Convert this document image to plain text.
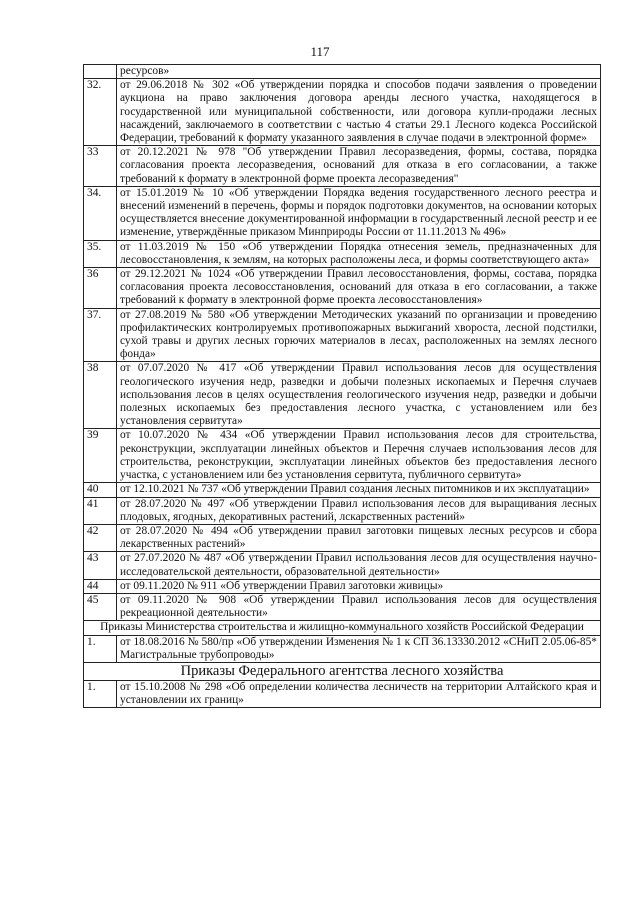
117
	ресурсов»
32.	от 29.06.2018 № 302 «Об утверждении порядка и способов подачи заявления о проведении аукциона на право заключения договора аренды лесного участка, находящегося в государственной или муниципальной собственности, или договора купли-продажи лесных насаждений, заключаемого в соответствии с частью 4 статьи 29.1 Лесного кодекса Российской Федерации, требований к формату указанного заявления в случае подачи в электронной форме»
33	от 20.12.2021 № 978 "Об утверждении Правил лесоразведения, формы, состава, порядка согласования проекта лесоразведения, оснований для отказа в его согласовании, а также требований к формату в электронной форме проекта лесоразведения"
34.	от 15.01.2019 № 10 «Об утверждении Порядка ведения государственного лесного реестра и внесений изменений в перечень, формы и порядок подготовки документов, на основании которых осуществляется внесение документированной информации в государственный лесной реестр и ее изменение, утверждённые приказом Минприроды России от 11.11.2013 № 496»
35.	от 11.03.2019 № 150 «Об утверждении Порядка отнесения земель, предназначенных для лесовосстановления, к землям, на которых расположены леса, и формы соответствующего акта»
36	от 29.12.2021 № 1024 «Об утверждении Правил лесовосстановления, формы, состава, порядка согласования проекта лесовосстановления, оснований для отказа в его согласовании, а также требований к формату в электронной форме проекта лесовосстановления»
37.	от 27.08.2019 № 580 «Об утверждении Методических указаний по организации и проведению профилактических контролируемых противопожарных выжиганий хвороста, лесной подстилки, сухой травы и других лесных горючих материалов в лесах, расположенных на землях лесного фонда»
38	от 07.07.2020 № 417 «Об утверждении Правил использования лесов для осуществления геологического изучения недр, разведки и добычи полезных ископаемых и Перечня случаев использования лесов в целях осуществления геологического изучения недр, разведки и добычи полезных ископаемых без предоставления лесного участка, с установлением или без установления сервитута»
39	от 10.07.2020 № 434 «Об утверждении Правил использования лесов для строительства, реконструкции, эксплуатации линейных объектов и Перечня случаев использования лесов для строительства, реконструкции, эксплуатации линейных объектов без предоставления лесного участка, с установлением или без установления сервитута, публичного сервитута»
40	от 12.10.2021 № 737 «Об утверждении Правил создания лесных питомников и их эксплуатации»
41	от 28.07.2020 № 497 «Об утверждении Правил использования лесов для выращивания лесных плодовых, ягодных, декоративных растений, лскарственных растений»
42	от 28.07.2020 № 494 «Об утверждении правил заготовки пищевых лесных ресурсов и сбора лекарственных растений»
43	от 27.07.2020 № 487 «Об утверждении Правил использования лесов для осуществления научно-исследовательской деятельности, образовательной деятельности»
44	от 09.11.2020 № 911 «Об утверждении Правил заготовки живицы»
45	от 09.11.2020 № 908 «Об утверждении Правил использования лесов для осуществления рекреационной деятельности»
Приказы Министерства строительства и жилищно-коммунального хозяйств Российской Федерации	
1.	от 18.08.2016 № 580/пр «Об утверждении Изменения № 1 к СП 36.13330.2012 «СНиП 2.05.06-85* Магистральные трубопроводы»
Приказы Федерального агентства лесного хозяйства	
1.	от 15.10.2008 № 298 «Об определении количества лесничеств на территории Алтайского края и установлении их границ»
